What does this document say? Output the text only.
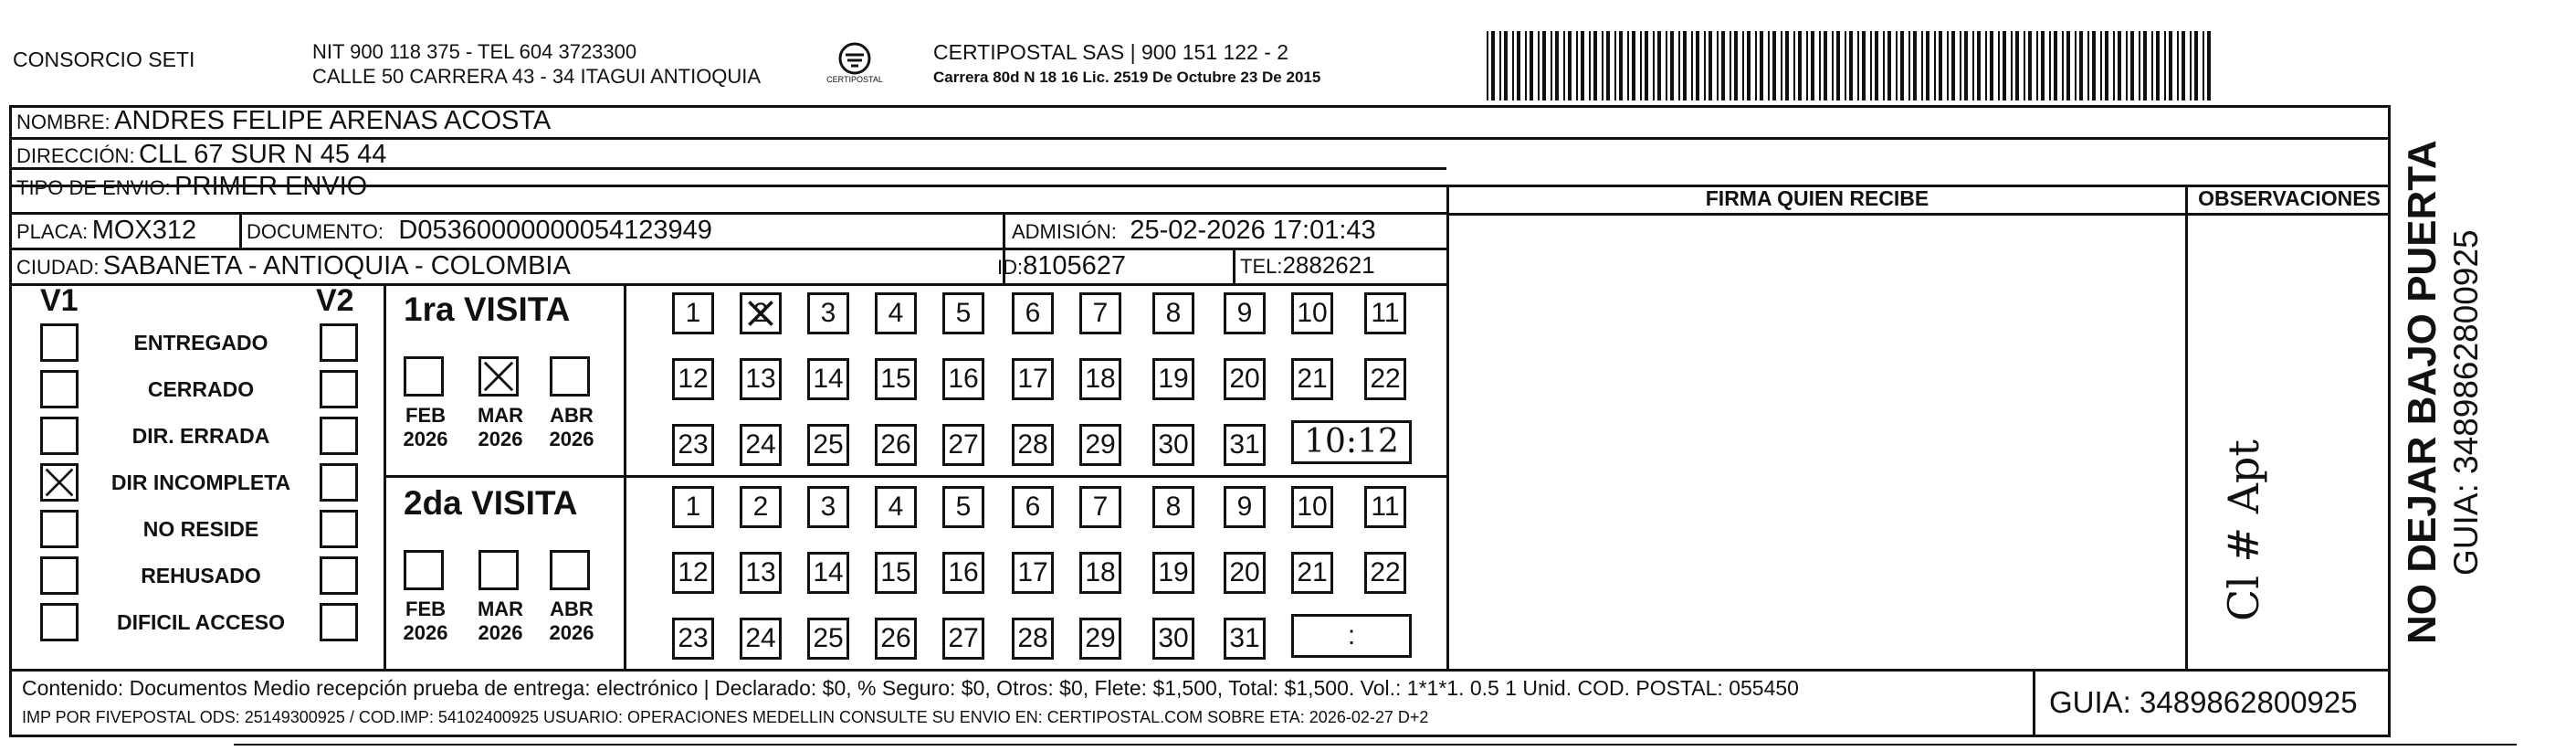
CONSORCIO SETI	NIT 900 118 375 - TEL 604 3723300
CALLE 50 CARRERA 43 - 34 ITAGUI ANTIOQUIA	CERTIPOSTAL
CERTIPOSTAL SAS | 900 151 122 - 2
Carrera 80d N 18 16 Lic. 2519 De Octubre 23 De 2015
NOMBRE: ANDRES FELIPE ARENAS ACOSTA
DIRECCIÓN: CLL 67 SUR N 45 44
TIPO DE ENVIO: PRIMER ENVIO
PLACA: MOX312 DOCUMENTO: D05360000000054123949	ADMISIÓN: 25-02-2026 17:01:43
CIUDAD: SABANETA - ANTIOQUIA - COLOMBIA	ID:8105627	TEL:2882621
FIRMA QUIEN RECIBE	OBSERVACIONES
Cl # Apt
V1	V2
ENTREGADO
CERRADO
DIR. ERRADA
DIR INCOMPLETA
NO RESIDE
REHUSADO
DIFICIL ACCESO
1ra VISITA
2da VISITA
FEB
2026
MAR
2026
ABR
2026
FEB
2026
MAR
2026
ABR
2026
1 2 3 4 5 6 7 8 9 10 11
12 13 14 15 16 17 18 19 20 21 22
23 24 25 26 27 28 29 30 31
1 2 3 4 5 6 7 8 9 10 11
12 13 14 15 16 17 18 19 20 21 22
23 24 25 26 27 28 29 30 31
10:12
:
Contenido: Documentos Medio recepción prueba de entrega: electrónico | Declarado: $0, % Seguro: $0, Otros: $0, Flete: $1,500, Total: $1,500. Vol.: 1*1*1. 0.5 1 Unid. COD. POSTAL: 055450
IMP POR FIVEPOSTAL ODS: 25149300925 / COD.IMP: 54102400925 USUARIO: OPERACIONES MEDELLIN CONSULTE SU ENVIO EN: CERTIPOSTAL.COM SOBRE ETA: 2026-02-27 D+2	GUIA: 3489862800925
NO DEJAR BAJO PUERTA GUIA: 3489862800925
